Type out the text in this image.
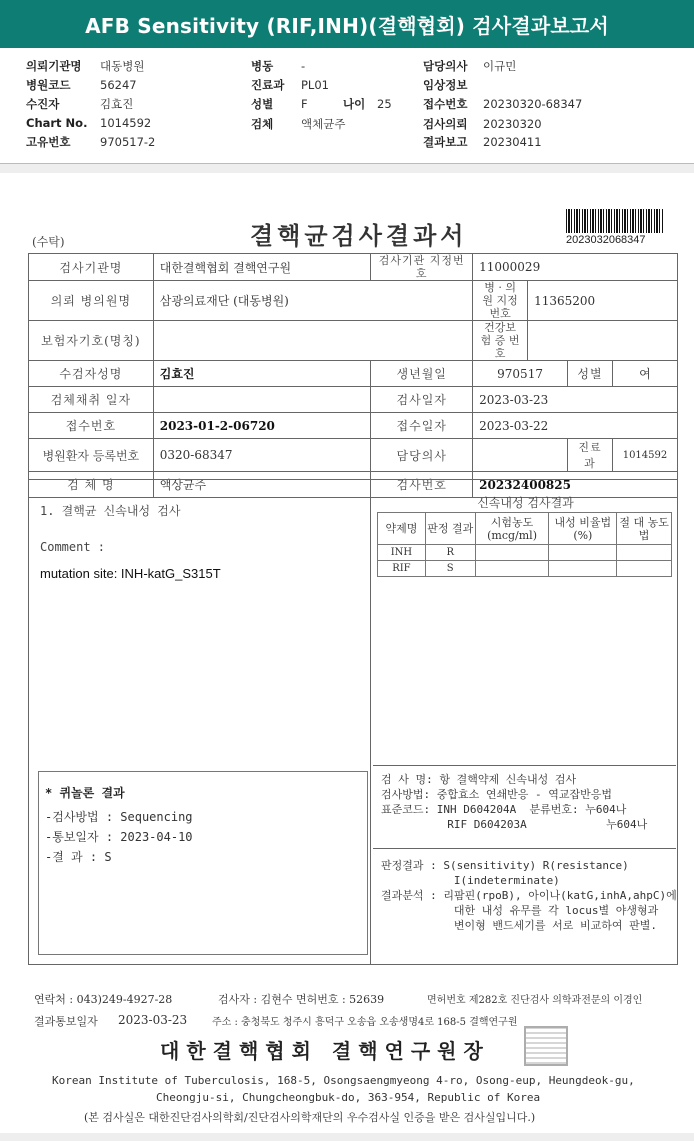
AFB Sensitivity (RIF,INH)(결핵협회) 검사결과보고서
의뢰기관명 대동병원
병원코드	56247
수진자	김효진
Chart No. 1014592
고유번호	970517-2
병동 -
진료과 PL01
성별 F	나이 25
검체 액체균주
담당의사 이규민
임상정보
접수번호 20230320-68347
검사의뢰 20230320
결과보고 20230411
(수탁)	결핵균검사결과서	2023032068347
검사기관명	대한결핵협회 결핵연구원	검사기관 지정번호	11000029			
의뢰 병의원명	삼광의료재단 (대동병원)		병 · 의원 지정번호	11365200		
보험자기호(명칭)			건강보험 증 번 호			
수검자성명	김효진	생년월일	970517		성별	여
검체채취 일자		검사일자	2023-03-23			
접수번호	2023-01-2-06720	접수일자	2023-03-22			
병원환자 등록번호	0320-68347	담당의사			진료과	1014592
검 체 명	액상균주	검사번호	20232400825			
1. 결핵균 신속내성 검사
Comment :
mutation site: INH-katG_S315T
* 퀴놀론 결과
-검사방법 : Sequencing
-통보일자 : 2023-04-10
-결 과 : S
신속내성 검사결과
약제명	판정 결과	시험농도 (mcg/ml)	내성 비율법(%)	절 대 농도법
INH	R			
RIF	S			
검 사 명: 항 결핵약제 신속내성 검사
검사방법: 중합효소 연쇄반응 - 역교잡반응법
표준코드: INH D604204A  분류번호: 누604나
RIF D604203A            누604나
판정결과 : S(sensitivity) R(resistance)
I(indeterminate)
결과분석 : 리팜핀(rpoB), 아이나(katG,inhA,ahpC)에
대한 내성 유무를 각 locus별 야생형과
변이형 밴드세기를 서로 비교하여 판별.
연락처 : 043)249-4927-28	검사자 : 김현수 면허번호 : 52639	면허번호 제282호 진단검사 의학과전문의 이경인
결과통보일자 2023-03-23 주소 : 충청북도 청주시 흥덕구 오송읍 오송생명4로 168-5 결핵연구원
대한결핵협회 결핵연구원장
Korean Institute of Tuberculosis, 168-5, Osongsaengmyeong 4-ro, Osong-eup, Heungdeok-gu,
Cheongju-si, Chungcheongbuk-do, 363-954, Republic of Korea
(본 검사실은 대한진단검사의학회/진단검사의학재단의 우수검사실 인증을 받은 검사실입니다.)
